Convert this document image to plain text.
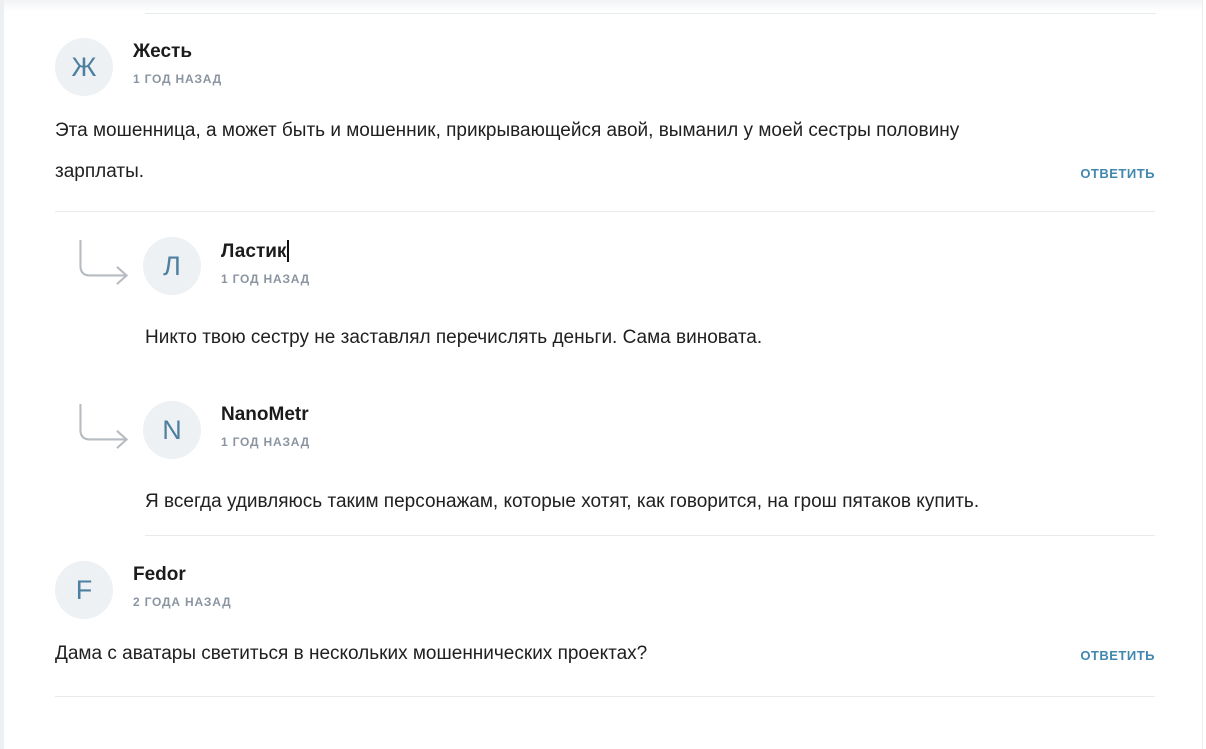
Ж Жесть
1 ГОД НАЗАД
Эта мошенница, а может быть и мошенник, прикрывающейся авой, выманил у моей сестры половину зарплаты.	ОТВЕТИТЬ
Л Ластик
1 ГОД НАЗАД
Никто твою сестру не заставлял перечислять деньги. Сама виновата.
N NanoMetr
1 ГОД НАЗАД
Я всегда удивляюсь таким персонажам, которые хотят, как говорится, на грош пятаков купить.
F Fedor
2 ГОДА НАЗАД
Дама с аватары светиться в нескольких мошеннических проектах?	ОТВЕТИТЬ
